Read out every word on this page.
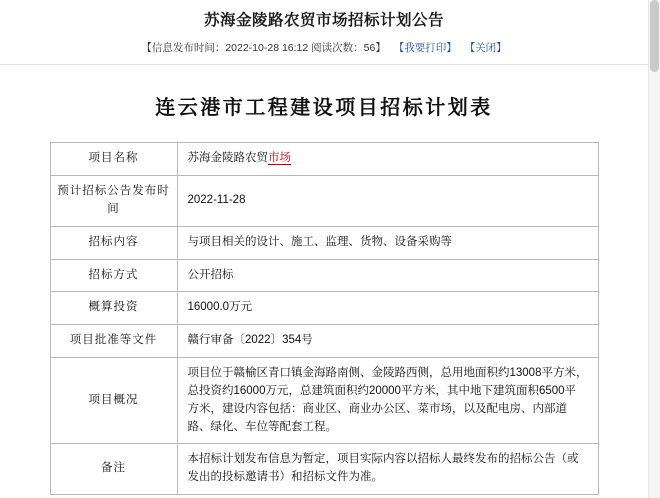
苏海金陵路农贸市场招标计划公告
【信息发布时间：2022-10-28 16:12 阅读次数：56】 【我要打印】 【关闭】
连云港市工程建设项目招标计划表
项目名称	苏海金陵路农贸市场
预计招标公告发布时间	2022-11-28
招标内容	与项目相关的设计、施工、监理、货物、设备采购等
招标方式	公开招标
概算投资	16000.0万元
项目批准等文件	赣行审备〔2022〕354号
项目概况	项目位于赣榆区青口镇金海路南侧、金陵路西侧，总用地面积约13008平方米，总投资约16000万元，总建筑面积约20000平方米，其中地下建筑面积6500平方米，建设内容包括：商业区、商业办公区、菜市场，以及配电房、内部道路、绿化、车位等配套工程。
备注	本招标计划发布信息为暂定，项目实际内容以招标人最终发布的招标公告（或发出的投标邀请书）和招标文件为准。
